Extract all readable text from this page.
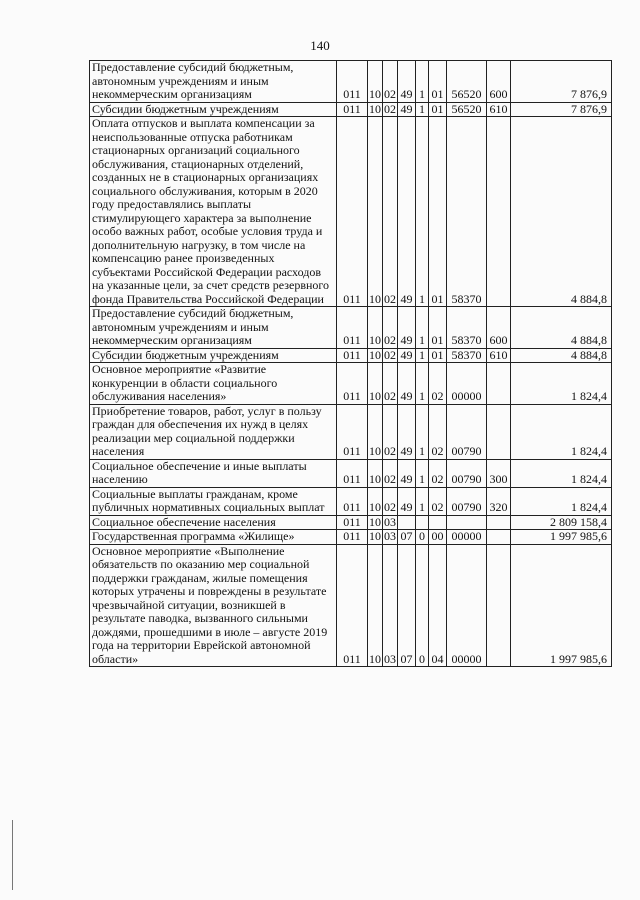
140
Предоставление субсидий бюджетным, автономным учреждениям и иным некоммерческим организациям	011	10	02	49	1	01	56520	600	7 876,9
Субсидии бюджетным учреждениям	011	10	02	49	1	01	56520	610	7 876,9
Оплата отпусков и выплата компенсации за неиспользованные отпуска работникам стационарных организаций социального обслуживания, стационарных отделений, созданных не в стационарных организациях социального обслуживания, которым в 2020 году предоставлялись выплаты стимулирующего характера за выполнение особо важных работ, особые условия труда и дополнительную нагрузку, в том числе на компенсацию ранее произведенных субъектами Российской Федерации расходов на указанные цели, за счет средств резервного фонда Правительства Российской Федерации	011	10	02	49	1	01	58370		4 884,8
Предоставление субсидий бюджетным, автономным учреждениям и иным некоммерческим организациям	011	10	02	49	1	01	58370	600	4 884,8
Субсидии бюджетным учреждениям	011	10	02	49	1	01	58370	610	4 884,8
Основное мероприятие «Развитие конкуренции в области социального обслуживания населения»	011	10	02	49	1	02	00000		1 824,4
Приобретение товаров, работ, услуг в пользу граждан для обеспечения их нужд в целях реализации мер социальной поддержки населения	011	10	02	49	1	02	00790		1 824,4
Социальное обеспечение и иные выплаты населению	011	10	02	49	1	02	00790	300	1 824,4
Социальные выплаты гражданам, кроме публичных нормативных социальных выплат	011	10	02	49	1	02	00790	320	1 824,4
Социальное обеспечение населения	011	10	03						2 809 158,4
Государственная программа «Жилище»	011	10	03	07	0	00	00000		1 997 985,6
Основное мероприятие «Выполнение обязательств по оказанию мер социальной поддержки гражданам, жилые помещения которых утрачены и повреждены в результате чрезвычайной ситуации, возникшей в результате паводка, вызванного сильными дождями, прошедшими в июле – августе 2019 года на территории Еврейской автономной области»	011	10	03	07	0	04	00000		1 997 985,6
